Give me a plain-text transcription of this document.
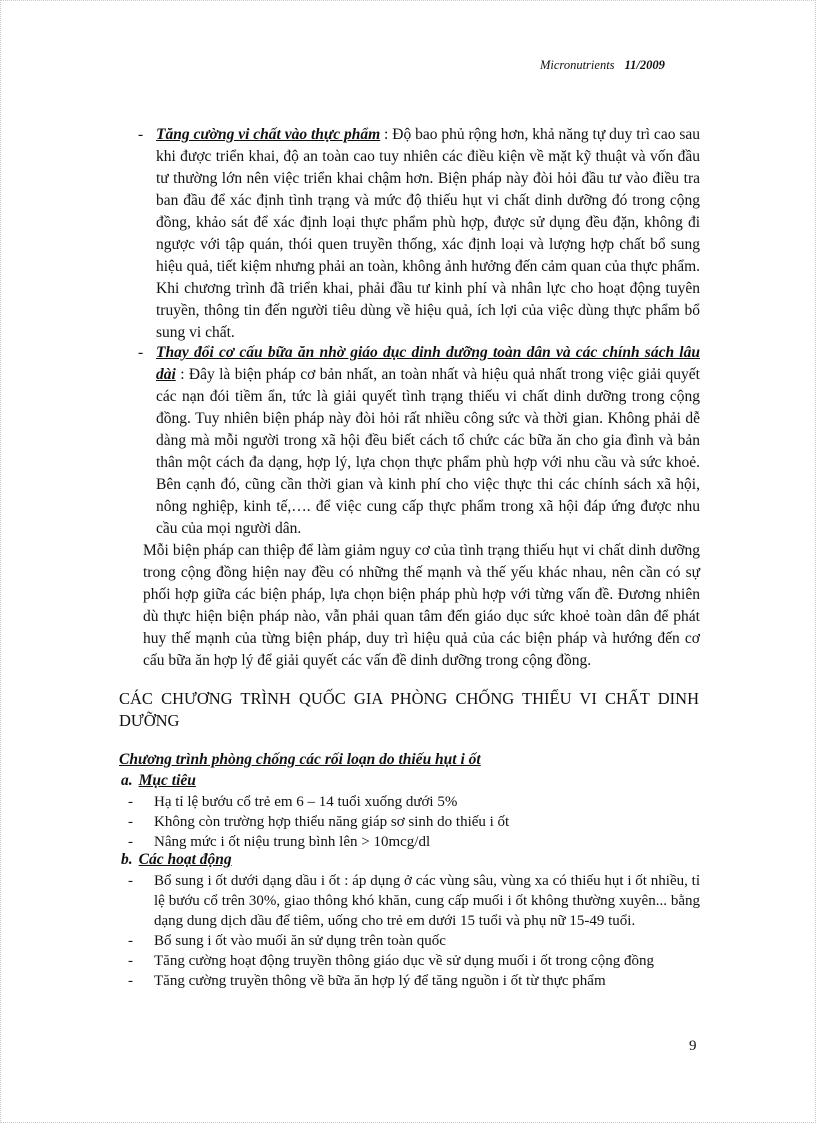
Micronutrients 11/2009
- Tăng cường vi chất vào thực phẩm : Độ bao phủ rộng hơn, khả năng tự duy trì cao sau khi được triển khai, độ an toàn cao tuy nhiên các điều kiện về mặt kỹ thuật và vốn đầu tư thường lớn nên việc triển khai chậm hơn. Biện pháp này đòi hỏi đầu tư vào điều tra ban đầu để xác định tình trạng và mức độ thiếu hụt vi chất dinh dưỡng đó trong cộng đồng, khảo sát để xác định loại thực phẩm phù hợp, được sử dụng đều đặn, không đi ngược với tập quán, thói quen truyền thống, xác định loại và lượng hợp chất bổ sung hiệu quả, tiết kiệm nhưng phải an toàn, không ảnh hưởng đến cảm quan của thực phẩm. Khi chương trình đã triển khai, phải đầu tư kinh phí và nhân lực cho hoạt động tuyên truyền, thông tin đến người tiêu dùng về hiệu quả, ích lợi của việc dùng thực phẩm bổ sung vi chất.
- Thay đổi cơ cấu bữa ăn nhờ giáo dục dinh dưỡng toàn dân và các chính sách lâu dài : Đây là biện pháp cơ bản nhất, an toàn nhất và hiệu quả nhất trong việc giải quyết các nạn đói tiềm ẩn, tức là giải quyết tình trạng thiếu vi chất dinh dưỡng trong cộng đồng. Tuy nhiên biện pháp này đòi hỏi rất nhiều công sức và thời gian. Không phải dễ dàng mà mỗi người trong xã hội đều biết cách tổ chức các bữa ăn cho gia đình và bản thân một cách đa dạng, hợp lý, lựa chọn thực phẩm phù hợp với nhu cầu và sức khoẻ. Bên cạnh đó, cũng cần thời gian và kinh phí cho việc thực thi các chính sách xã hội, nông nghiệp, kinh tế,…. để việc cung cấp thực phẩm trong xã hội đáp ứng được nhu cầu của mọi người dân.
Mỗi biện pháp can thiệp để làm giảm nguy cơ của tình trạng thiếu hụt vi chất dinh dưỡng trong cộng đồng hiện nay đều có những thế mạnh và thế yếu khác nhau, nên cần có sự phối hợp giữa các biện pháp, lựa chọn biện pháp phù hợp với từng vấn đề. Đương nhiên dù thực hiện biện pháp nào, vẫn phải quan tâm đến giáo dục sức khoẻ toàn dân để phát huy thế mạnh của từng biện pháp, duy trì hiệu quả của các biện pháp và hướng đến cơ cấu bữa ăn hợp lý để giải quyết các vấn đề dinh dưỡng trong cộng đồng.
CÁC CHƯƠNG TRÌNH QUỐC GIA PHÒNG CHỐNG THIẾU VI CHẤT DINH DƯỠNG
Chương trình phòng chống các rối loạn do thiếu hụt i ốt
a. Mục tiêu
- Hạ tỉ lệ bướu cổ trẻ em 6 – 14 tuổi xuống dưới 5%
- Không còn trường hợp thiểu năng giáp sơ sinh do thiếu i ốt
- Nâng mức i ốt niệu trung bình lên > 10mcg/dl
b. Các hoạt động
- Bổ sung i ốt dưới dạng dầu i ốt : áp dụng ở các vùng sâu, vùng xa có thiếu hụt i ốt nhiều, tỉ lệ bướu cổ trên 30%, giao thông khó khăn, cung cấp muối i ốt không thường xuyên... bằng dạng dung dịch dầu để tiêm, uống cho trẻ em dưới 15 tuổi và phụ nữ 15-49 tuổi.
- Bổ sung i ốt vào muối ăn sử dụng trên toàn quốc
- Tăng cường hoạt động truyền thông giáo dục về sử dụng muối i ốt trong cộng đồng
- Tăng cường truyền thông về bữa ăn hợp lý để tăng nguồn i ốt từ thực phẩm
9
